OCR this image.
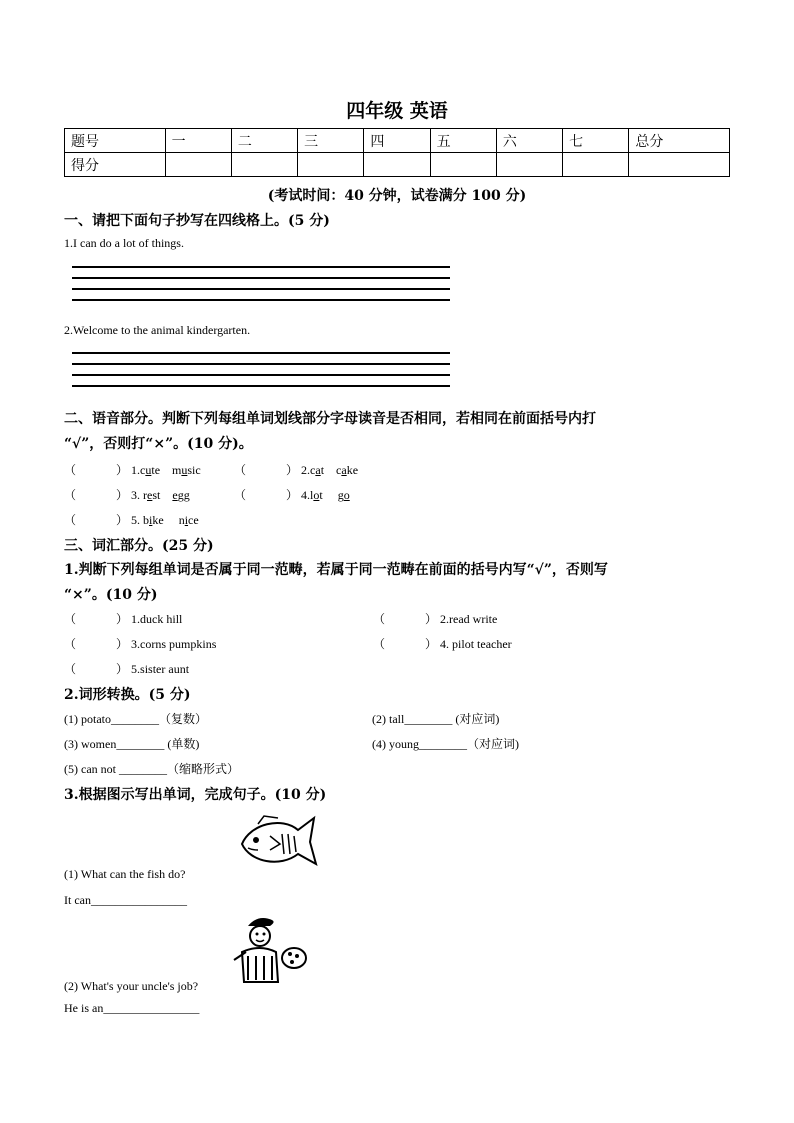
四年级 英语
题号	一	二	三	四	五	六	七	总分
得分								
(考试时间：40 分钟，试卷满分 100 分)
一、请把下面句子抄写在四线格上。(5 分)
1.I can do a lot of things.
2.Welcome to the animal kindergarten.
二、语音部分。判断下列每组单词划线部分字母读音是否相同，若相同在前面括号内打
“√”，否则打“×”。(10 分)。
（	） 1.cute music	（	） 2.cat cake
（	） 3. rest egg	（	） 4.lot go
（	） 5. bike nice
三、词汇部分。(25 分)
1.判断下列每组单词是否属于同一范畴，若属于同一范畴在前面的括号内写“√”，否则写
“×”。(10 分)
（	） 1.duck hill	（	） 2.read write
（	） 3.corns pumpkins	（	） 4. pilot teacher
（	） 5.sister aunt
2.词形转换。(5 分)
(1) potato________（复数）	(2) tall________ (对应词)
(3) women________ (单数)	(4) young________（对应词)
(5) can not ________（缩略形式）
3.根据图示写出单词，完成句子。(10 分)
(1) What can the fish do?
It can________________
(2) What's your uncle's job?
He is an________________
